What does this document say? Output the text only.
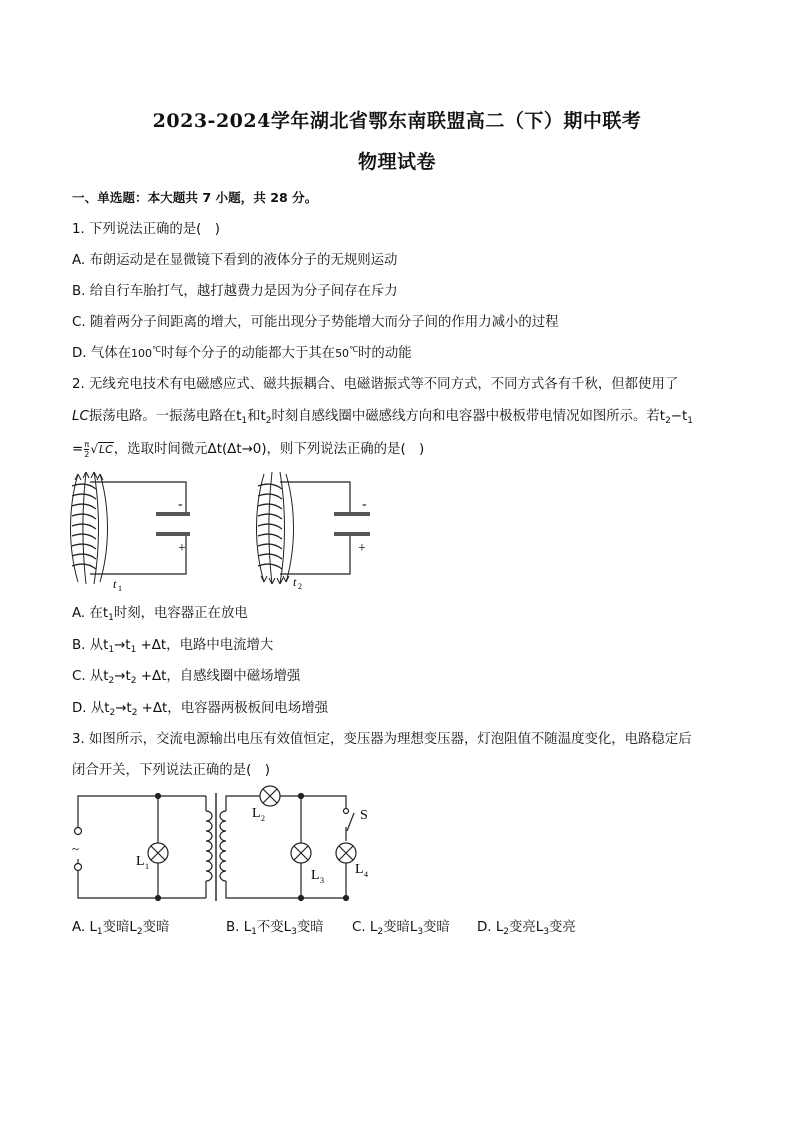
2023-2024学年湖北省鄂东南联盟高二（下）期中联考
物理试卷
一、单选题：本大题共 7 小题，共 28 分。
1. 下列说法正确的是(　)
A. 布朗运动是在显微镜下看到的液体分子的无规则运动
B. 给自行车胎打气，越打越费力是因为分子间存在斥力
C. 随着两分子间距离的增大，可能出现分子势能增大而分子间的作用力减小的过程
D. 气体在100℃时每个分子的动能都大于其在50℃时的动能
2. 无线充电技术有电磁感应式、磁共振耦合、电磁谐振式等不同方式，不同方式各有千秋，但都使用了
LC振荡电路。一振荡电路在$t_1$和$t_2$时刻自感线圈中磁感线方向和电容器中极板带电情况如图所示。若$t_2-t_1$
= $\frac{\pi}{2} √LC$，选取时间微元Δt(Δt→0)，则下列说法正确的是(　)
-
+
t 1
-
+
t 2
A. 在$t_1$时刻，电容器正在放电
B. 从$t_1\to t_1 +\Delta t$，电路中电流增大
C. 从$t_2\to t_2 +\Delta t$，自感线圈中磁场增强
D. 从$t_2\to t_2 +\Delta t$，电容器两极板间电场增强
3. 如图所示，交流电源输出电压有效值恒定，变压器为理想变压器，灯泡阻值不随温度变化，电路稳定后
闭合开关，下列说法正确的是(　)
~
L 1
L 2
L 3
L 4
S
A. $L_1$变暗$L_2$变暗	B. $L_1$不变$L_3$变暗 C. $L_2$变暗$L_3$变暗 D. $L_2$变亮$L_3$变亮
